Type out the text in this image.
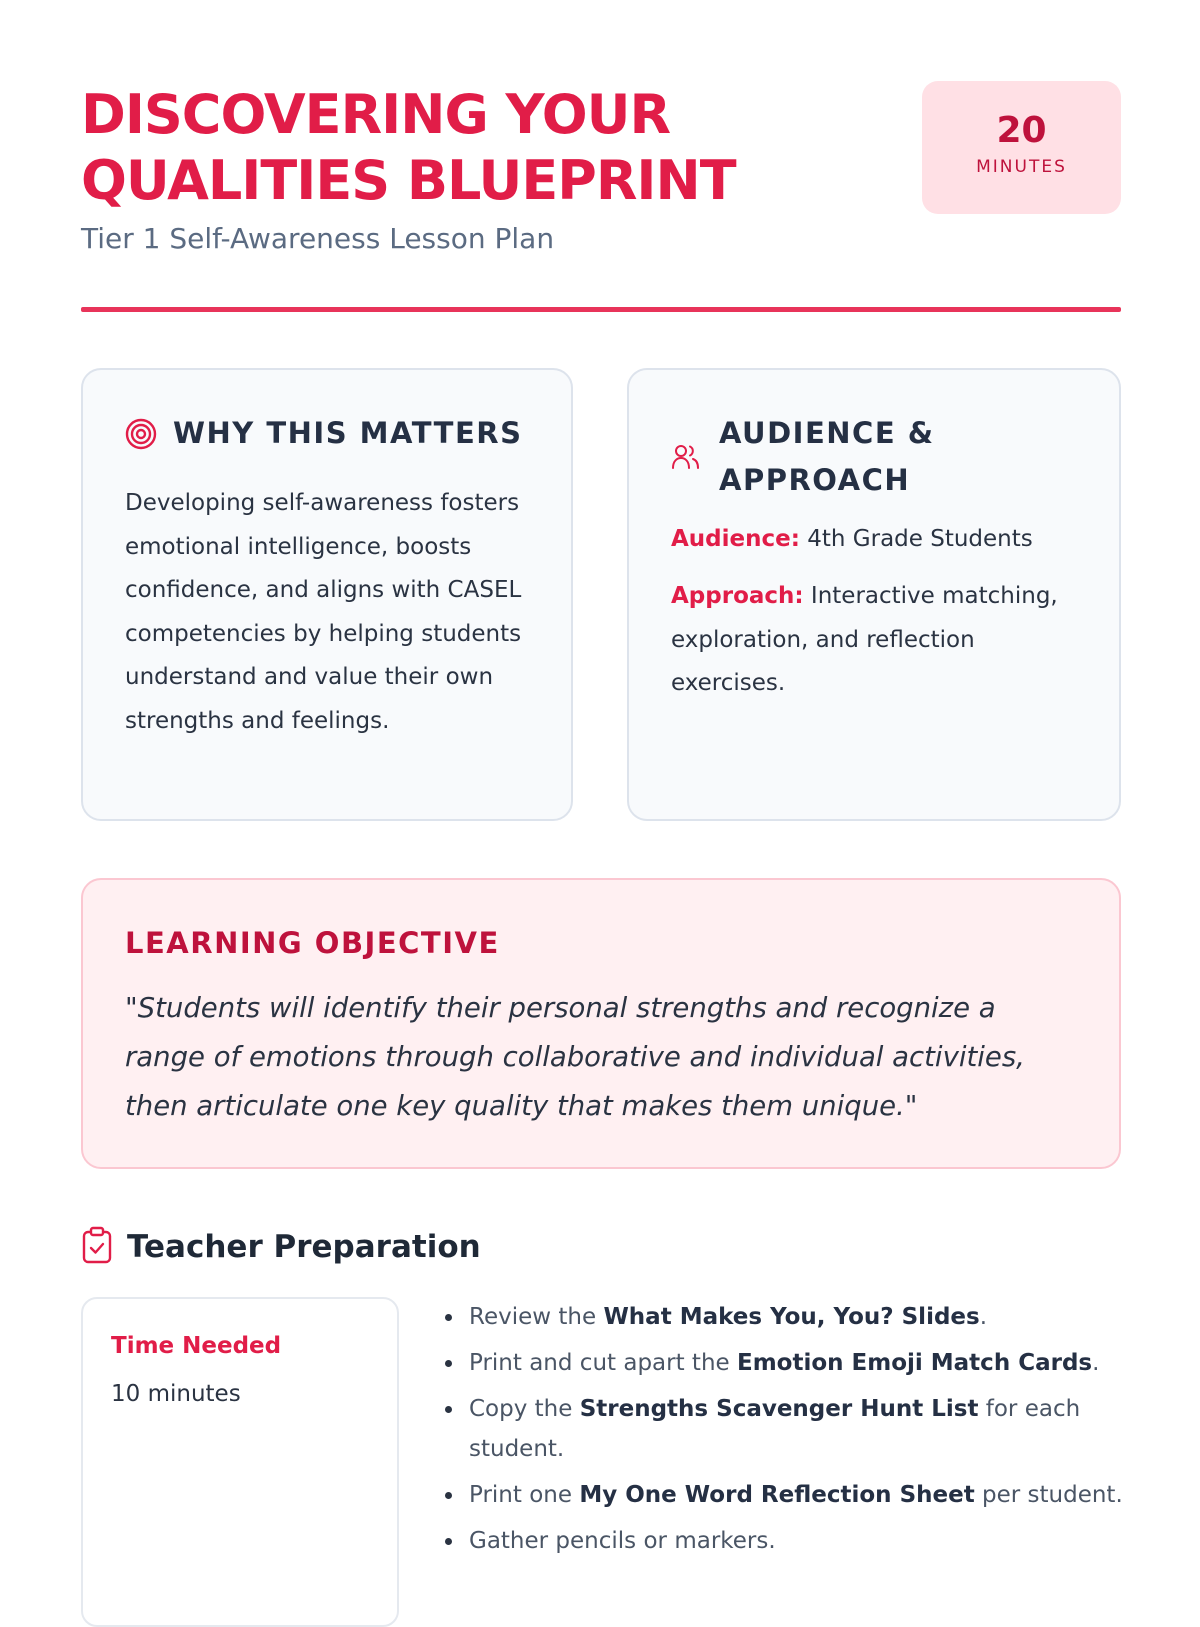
DISCOVERING YOUR QUALITIES BLUEPRINT

Tier 1 Self-Awareness Lesson Plan

20
MINUTES
WHY THIS MATTERS

Developing self-awareness fosters emotional intelligence, boosts confidence, and aligns with CASEL competencies by helping students understand and value their own strengths and feelings.

AUDIENCE & APPROACH

Audience: 4th Grade Students

Approach: Interactive matching, exploration, and reflection exercises.

LEARNING OBJECTIVE

"Students will identify their personal strengths and recognize a range of emotions through collaborative and individual activities, then articulate one key quality that makes them unique."

Teacher Preparation

Time Needed

10 minutes

• Review the What Makes You, You? Slides.
• Print and cut apart the Emotion Emoji Match Cards.
• Copy the Strengths Scavenger Hunt List for each student.
• Print one My One Word Reflection Sheet per student.
• Gather pencils or markers.
